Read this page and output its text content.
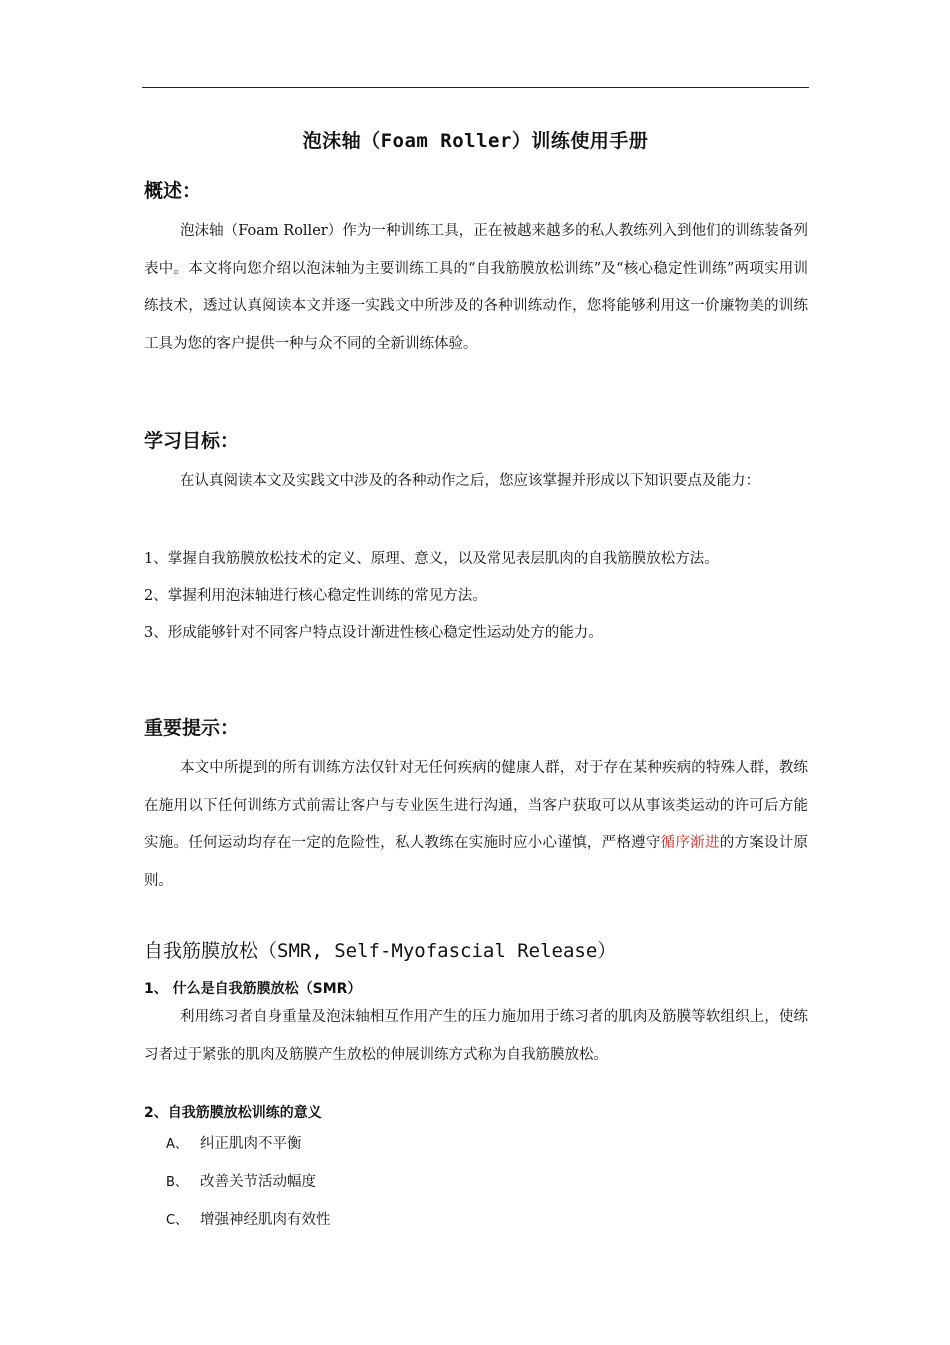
泡沫轴（Foam Roller）训练使用手册
概述：

泡沫轴（Foam Roller）作为一种训练工具，正在被越来越多的私人教练列入到他们的训练装备列表中。本文将向您介绍以泡沫轴为主要训练工具的“自我筋膜放松训练”及“核心稳定性训练”两项实用训练技术，透过认真阅读本文并逐一实践文中所涉及的各种训练动作，您将能够利用这一价廉物美的训练工具为您的客户提供一种与众不同的全新训练体验。

学习目标：

在认真阅读本文及实践文中涉及的各种动作之后，您应该掌握并形成以下知识要点及能力：

1、掌握自我筋膜放松技术的定义、原理、意义，以及常见表层肌肉的自我筋膜放松方法。

2、掌握利用泡沫轴进行核心稳定性训练的常见方法。

3、形成能够针对不同客户特点设计渐进性核心稳定性运动处方的能力。

重要提示：

本文中所提到的所有训练方法仅针对无任何疾病的健康人群，对于存在某种疾病的特殊人群，教练在施用以下任何训练方式前需让客户与专业医生进行沟通，当客户获取可以从事该类运动的许可后方能实施。任何运动均存在一定的危险性，私人教练在实施时应小心谨慎，严格遵守循序渐进的方案设计原则。

自我筋膜放松（SMR, Self-Myofascial Release）

1、 什么是自我筋膜放松（SMR）

利用练习者自身重量及泡沫轴相互作用产生的压力施加用于练习者的肌肉及筋膜等软组织上，使练习者过于紧张的肌肉及筋膜产生放松的伸展训练方式称为自我筋膜放松。

2、自我筋膜放松训练的意义

A、 纠正肌肉不平衡

B、 改善关节活动幅度

C、 增强神经肌肉有效性
